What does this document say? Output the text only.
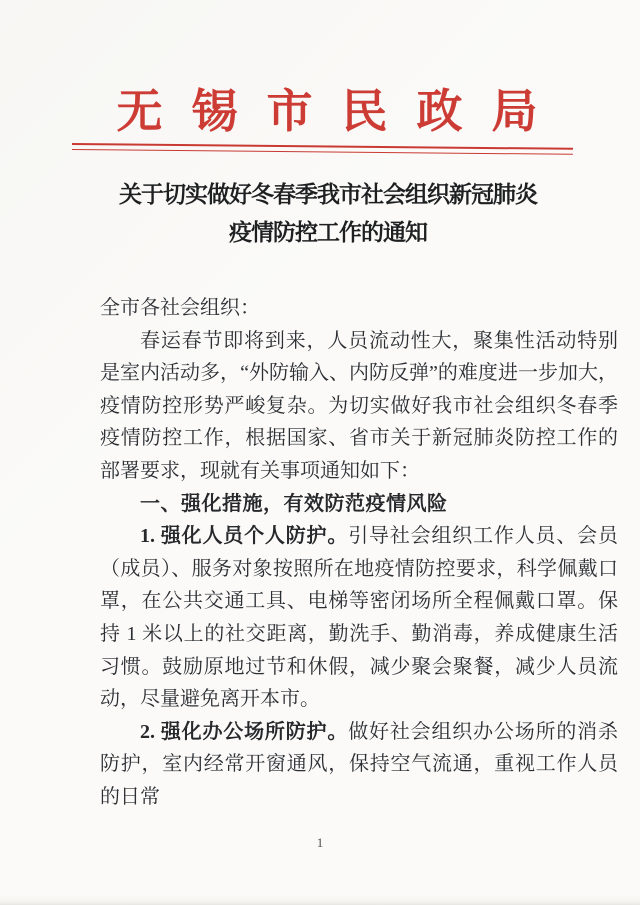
无锡市民政局
关于切实做好冬春季我市社会组织新冠肺炎
疫情防控工作的通知

全市各社会组织：

春运春节即将到来，人员流动性大，聚集性活动特别是室内活动多，“外防输入、内防反弹”的难度进一步加大，疫情防控形势严峻复杂。为切实做好我市社会组织冬春季疫情防控工作，根据国家、省市关于新冠肺炎防控工作的部署要求，现就有关事项通知如下：

一、强化措施，有效防范疫情风险

1. 强化人员个人防护。引导社会组织工作人员、会员（成员）、服务对象按照所在地疫情防控要求，科学佩戴口罩，在公共交通工具、电梯等密闭场所全程佩戴口罩。保持 1 米以上的社交距离，勤洗手、勤消毒，养成健康生活习惯。鼓励原地过节和休假，减少聚会聚餐，减少人员流动，尽量避免离开本市。

2. 强化办公场所防护。做好社会组织办公场所的消杀防护，室内经常开窗通风，保持空气流通，重视工作人员的日常

1
